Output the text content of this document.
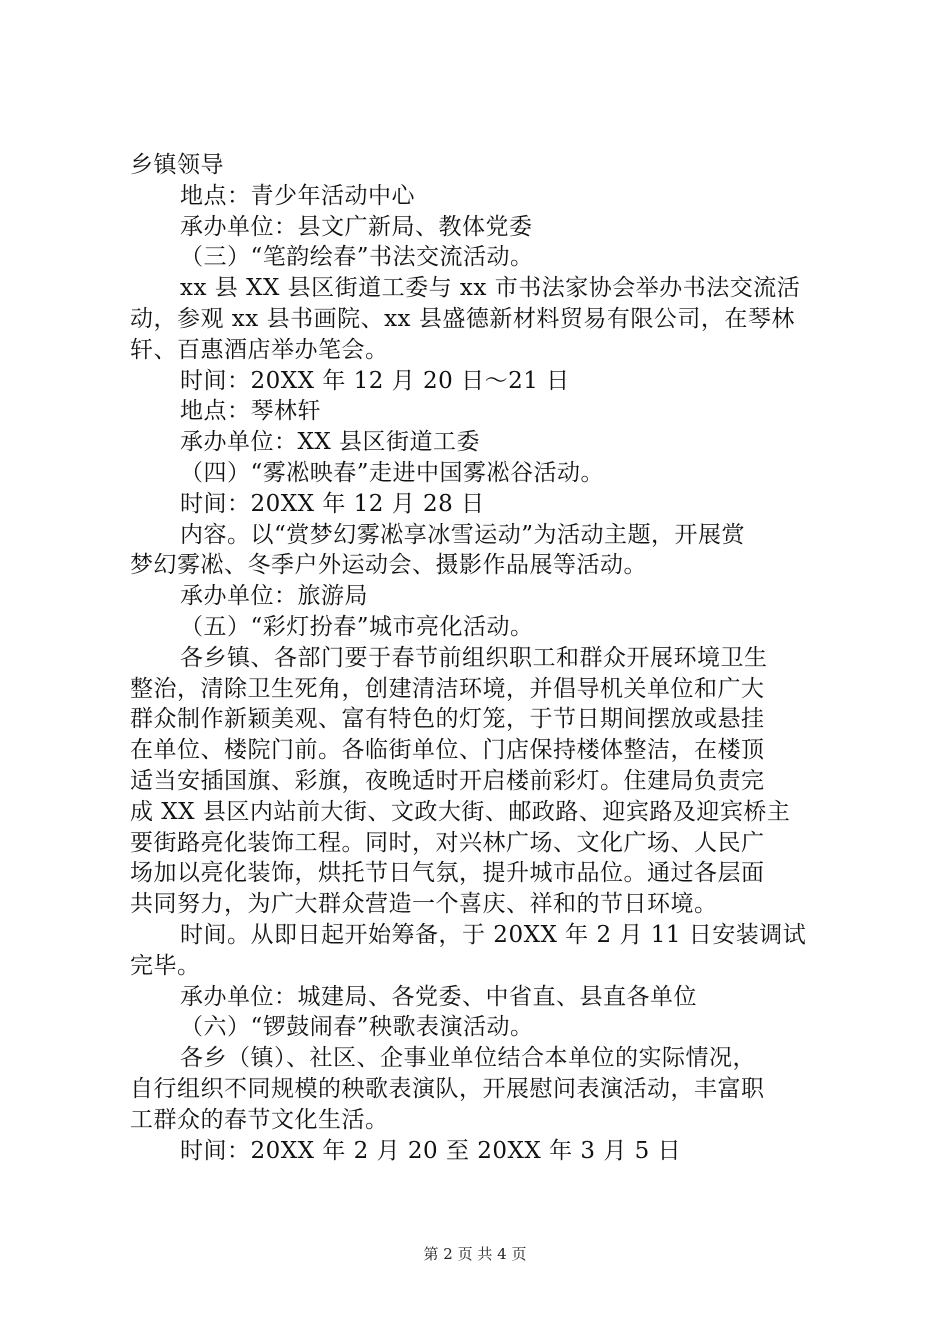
乡镇领导
地点：青少年活动中心
承办单位：县文广新局、教体党委
（三）“笔韵绘春”书法交流活动。
xx 县 XX 县区街道工委与 xx 市书法家协会举办书法交流活
动，参观 xx 县书画院、xx 县盛德新材料贸易有限公司，在琴林
轩、百惠酒店举办笔会。
时间：20XX 年 12 月 20 日～21 日
地点：琴林轩
承办单位：XX 县区街道工委
（四）“雾凇映春”走进中国雾凇谷活动。
时间：20XX 年 12 月 28 日
内容。以“赏梦幻雾凇享冰雪运动”为活动主题，开展赏
梦幻雾凇、冬季户外运动会、摄影作品展等活动。
承办单位：旅游局
（五）“彩灯扮春”城市亮化活动。
各乡镇、各部门要于春节前组织职工和群众开展环境卫生
整治，清除卫生死角，创建清洁环境，并倡导机关单位和广大
群众制作新颖美观、富有特色的灯笼，于节日期间摆放或悬挂
在单位、楼院门前。各临街单位、门店保持楼体整洁，在楼顶
适当安插国旗、彩旗，夜晚适时开启楼前彩灯。住建局负责完
成 XX 县区内站前大街、文政大街、邮政路、迎宾路及迎宾桥主
要街路亮化装饰工程。同时，对兴林广场、文化广场、人民广
场加以亮化装饰，烘托节日气氛，提升城市品位。通过各层面
共同努力，为广大群众营造一个喜庆、祥和的节日环境。
时间。从即日起开始筹备，于 20XX 年 2 月 11 日安装调试
完毕。
承办单位：城建局、各党委、中省直、县直各单位
（六）“锣鼓闹春”秧歌表演活动。
各乡（镇）、社区、企事业单位结合本单位的实际情况，
自行组织不同规模的秧歌表演队，开展慰问表演活动，丰富职
工群众的春节文化生活。
时间：20XX 年 2 月 20 至 20XX 年 3 月 5 日
第 2 页 共 4 页
